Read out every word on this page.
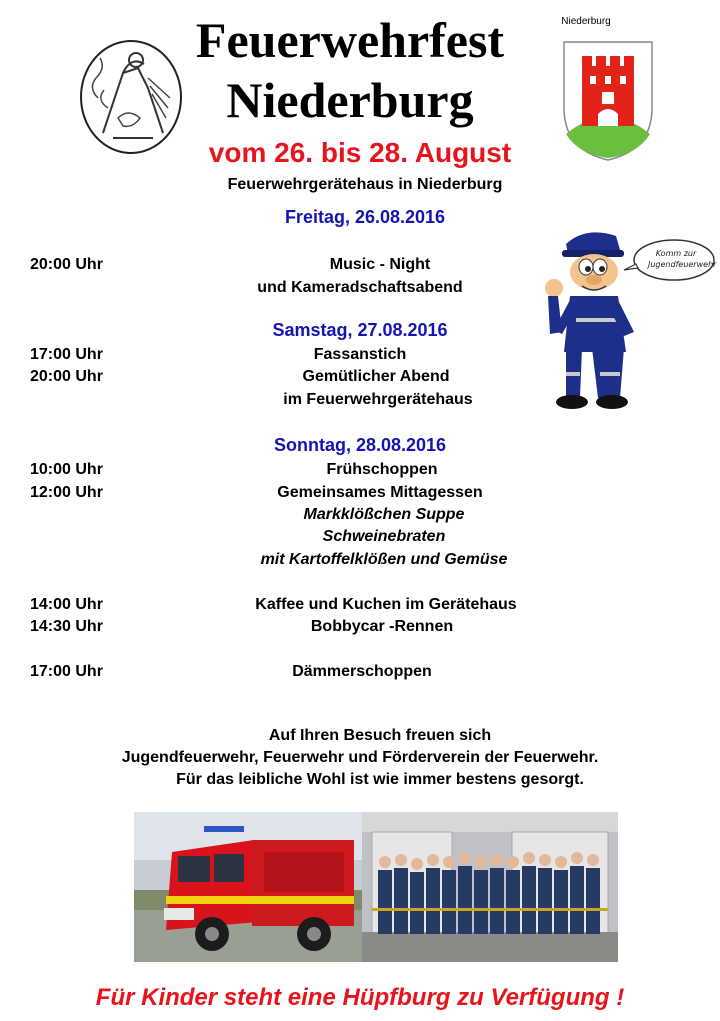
Feuerwehrfest
Niederburg
Niederburg
vom 26. bis 28. August
Feuerwehrgerätehaus in Niederburg
Freitag, 26.08.2016
20:00 Uhr	Music - Night
und Kameradschaftsabend
Samstag, 27.08.2016
17:00 Uhr	Fassanstich
20:00 Uhr	Gemütlicher Abend
im Feuerwehrgerätehaus
Sonntag, 28.08.2016
10:00 Uhr	Frühschoppen
12:00 Uhr	Gemeinsames Mittagessen
Markklößchen Suppe
Schweinebraten
mit Kartoffelklößen und Gemüse
14:00 Uhr	Kaffee und Kuchen im Gerätehaus
14:30 Uhr	Bobbycar -Rennen
17:00 Uhr	Dämmerschoppen
Komm zur Jugendfeuerwehr
Auf Ihren Besuch freuen sich
Jugendfeuerwehr, Feuerwehr und Förderverein der Feuerwehr.
Für das leibliche Wohl ist wie immer bestens gesorgt.
Für Kinder steht eine Hüpfburg zu Verfügung !
